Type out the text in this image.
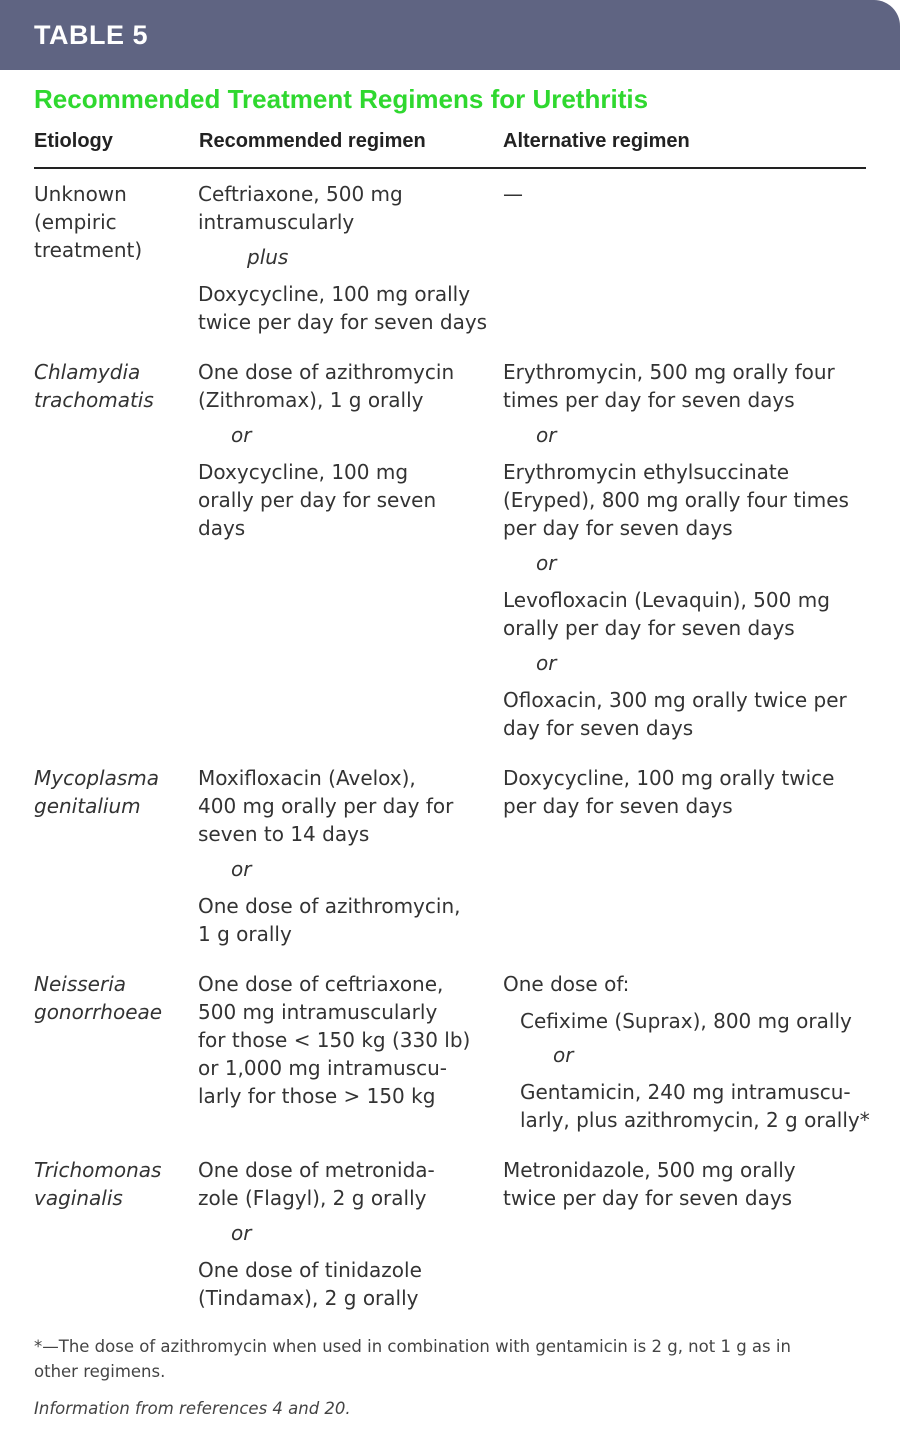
TABLE 5
Recommended Treatment Regimens for Urethritis
Etiology	Recommended regimen	Alternative regimen
Unknown
(empiric
treatment)
Ceftriaxone, 500 mg
intramuscularly
plus
Doxycycline, 100 mg orally
twice per day for seven days
—
Chlamydia
trachomatis
One dose of azithromycin
(Zithromax), 1 g orally
or
Doxycycline, 100 mg
orally per day for seven
days
Erythromycin, 500 mg orally four
times per day for seven days
or
Erythromycin ethylsuccinate
(Eryped), 800 mg orally four times
per day for seven days
or
Levofloxacin (Levaquin), 500 mg
orally per day for seven days
or
Ofloxacin, 300 mg orally twice per
day for seven days
Mycoplasma
genitalium
Moxifloxacin (Avelox),
400 mg orally per day for
seven to 14 days
or
One dose of azithromycin,
1 g orally
Doxycycline, 100 mg orally twice
per day for seven days
Neisseria
gonorrhoeae
One dose of ceftriaxone,
500 mg intramuscularly
for those < 150 kg (330 lb)
or 1,000 mg intramuscu-
larly for those > 150 kg
One dose of:
Cefixime (Suprax), 800 mg orally
or
Gentamicin, 240 mg intramuscu-
larly, plus azithromycin, 2 g orally*
Trichomonas
vaginalis
One dose of metronida-
zole (Flagyl), 2 g orally
or
One dose of tinidazole
(Tindamax), 2 g orally
Metronidazole, 500 mg orally
twice per day for seven days
*—The dose of azithromycin when used in combination with gentamicin is 2 g, not 1 g as in
other regimens.
Information from references 4 and 20.
